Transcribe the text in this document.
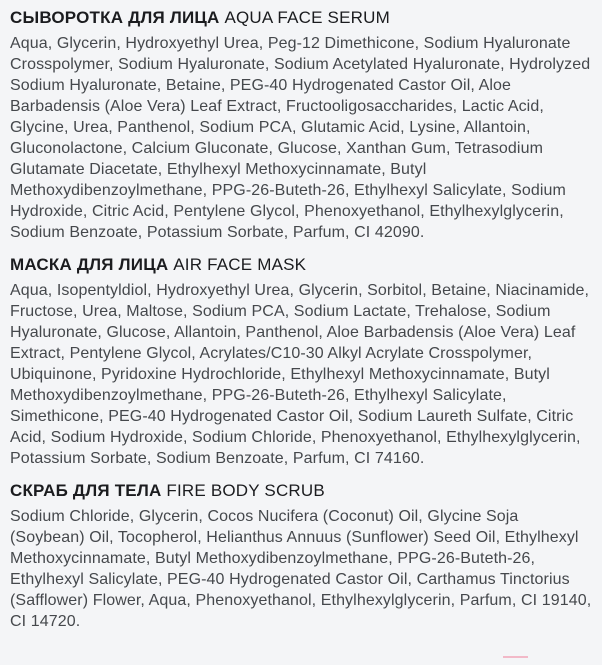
СЫВОРОТКА ДЛЯ ЛИЦА AQUA FACE SERUM

Aqua, Glycerin, Hydroxyethyl Urea, Peg-12 Dimethicone, Sodium Hyaluronate Crosspolymer, Sodium Hyaluronate, Sodium Acetylated Hyaluronate, Hydrolyzed Sodium Hyaluronate, Betaine, PEG-40 Hydrogenated Castor Oil, Aloe Barbadensis (Aloe Vera) Leaf Extract, Fructooligosaccharides, Lactic Acid, Glycine, Urea, Panthenol, Sodium PCA, Glutamic Acid, Lysine, Allantoin, Gluconolactone, Calcium Gluconate, Glucose, Xanthan Gum, Tetrasodium Glutamate Diacetate, Ethylhexyl Methoxycinnamate, Butyl Methoxydibenzoylmethane, PPG-26-Buteth-26, Ethylhexyl Salicylate, Sodium Hydroxide, Citric Acid, Pentylene Glycol, Phenoxyethanol, Ethylhexylglycerin, Sodium Benzoate, Potassium Sorbate, Parfum, CI 42090.

МАСКА ДЛЯ ЛИЦА AIR FACE MASK

Aqua, Isopentyldiol, Hydroxyethyl Urea, Glycerin, Sorbitol, Betaine, Niacinamide, Fructose, Urea, Maltose, Sodium PCA, Sodium Lactate, Trehalose, Sodium Hyaluronate, Glucose, Allantoin, Panthenol, Aloe Barbadensis (Aloe Vera) Leaf Extract, Pentylene Glycol, Acrylates/C10-30 Alkyl Acrylate Crosspolymer, Ubiquinone, Pyridoxine Hydrochloride, Ethylhexyl Methoxycinnamate, Butyl Methoxydibenzoylmethane, PPG-26-Buteth-26, Ethylhexyl Salicylate, Simethicone, PEG-40 Hydrogenated Castor Oil, Sodium Laureth Sulfate, Citric Acid, Sodium Hydroxide, Sodium Chloride, Phenoxyethanol, Ethylhexylglycerin, Potassium Sorbate, Sodium Benzoate, Parfum, CI 74160.

СКРАБ ДЛЯ ТЕЛА FIRE BODY SCRUB

Sodium Chloride, Glycerin, Cocos Nucifera (Coconut) Oil, Glycine Soja (Soybean) Oil, Tocopherol, Helianthus Annuus (Sunflower) Seed Oil, Ethylhexyl Methoxycinnamate, Butyl Methoxydibenzoylmethane, PPG-26-Buteth-26, Ethylhexyl Salicylate, PEG-40 Hydrogenated Castor Oil, Carthamus Tinctorius (Safflower) Flower, Aqua, Phenoxyethanol, Ethylhexylglycerin, Parfum, CI 19140, CI 14720.
